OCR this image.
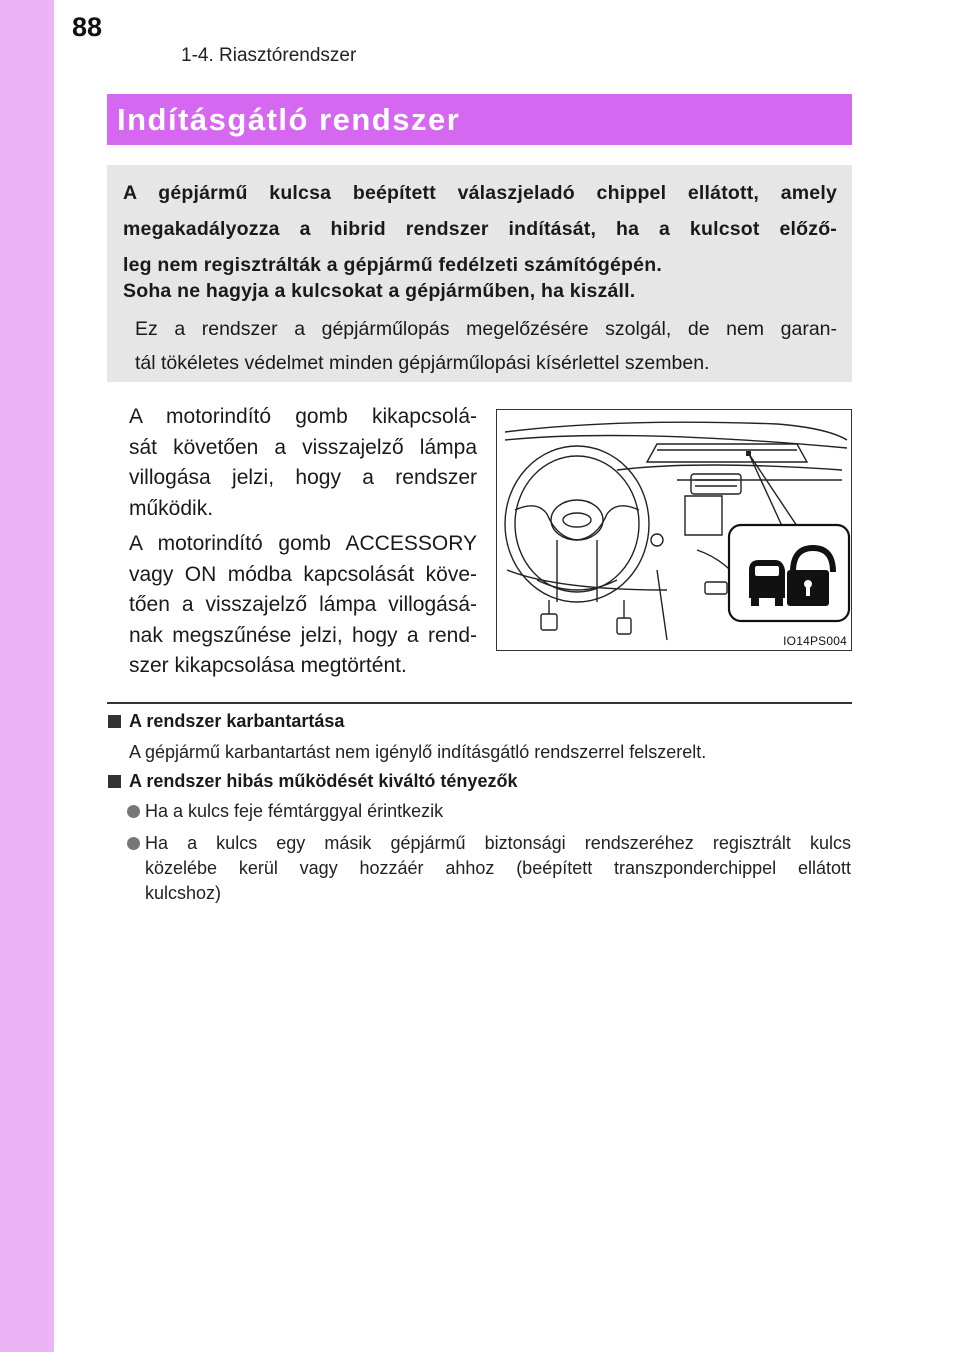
88
1-4. Riasztórendszer
Indításgátló rendszer
A gépjármű kulcsa beépített válaszjeladó chippel ellátott, amely
megakadályozza a hibrid rendszer indítását, ha a kulcsot előző-
leg nem regisztrálták a gépjármű fedélzeti számítógépén.
Soha ne hagyja a kulcsokat a gépjárműben, ha kiszáll.
Ez a rendszer a gépjárműlopás megelőzésére szolgál, de nem garan-
tál tökéletes védelmet minden gépjárműlopási kísérlettel szemben.
A motorindító gomb kikapcsolá-
sát követően a visszajelző lámpa
villogása jelzi, hogy a rendszer
működik.
A motorindító gomb ACCESSORY
vagy ON módba kapcsolását köve-
tően a visszajelző lámpa villogásá-
nak megszűnése jelzi, hogy a rend-
szer kikapcsolása megtörtént.
IO14PS004
A rendszer karbantartása
A gépjármű karbantartást nem igénylő indításgátló rendszerrel felszerelt.
A rendszer hibás működését kiváltó tényezők
Ha a kulcs feje fémtárggyal érintkezik
Ha a kulcs egy másik gépjármű biztonsági rendszeréhez regisztrált kulcs
közelébe kerül vagy hozzáér ahhoz (beépített transzponderchippel ellátott
kulcshoz)
